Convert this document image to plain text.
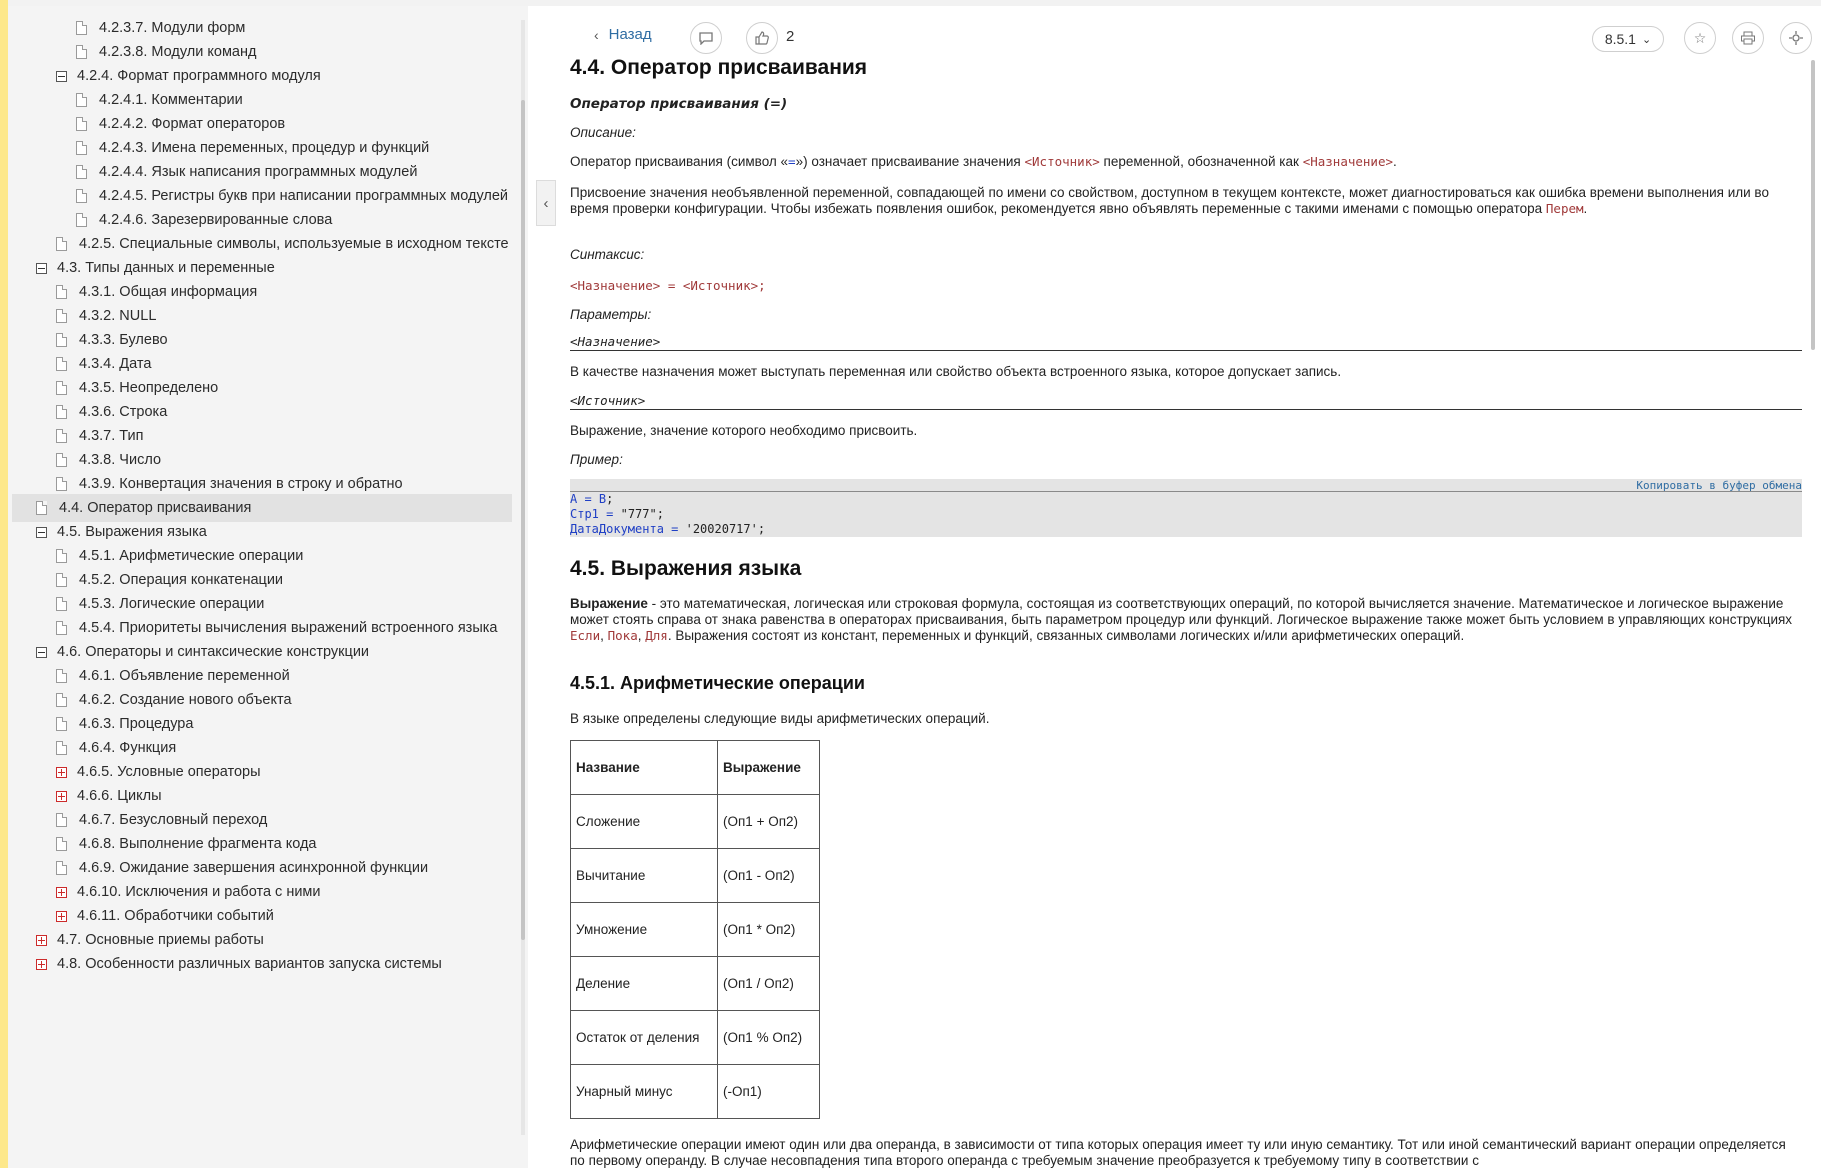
4.2.3.7. Модули форм
4.2.3.8. Модули команд
4.2.4. Формат программного модуля
4.2.4.1. Комментарии
4.2.4.2. Формат операторов
4.2.4.3. Имена переменных, процедур и функций
4.2.4.4. Язык написания программных модулей
4.2.4.5. Регистры букв при написании программных модулей
4.2.4.6. Зарезервированные слова
4.2.5. Специальные символы, используемые в исходном тексте
4.3. Типы данных и переменные
4.3.1. Общая информация
4.3.2. NULL
4.3.3. Булево
4.3.4. Дата
4.3.5. Неопределено
4.3.6. Строка
4.3.7. Тип
4.3.8. Число
4.3.9. Конвертация значения в строку и обратно
4.4. Оператор присваивания
4.5. Выражения языка
4.5.1. Арифметические операции
4.5.2. Операция конкатенации
4.5.3. Логические операции
4.5.4. Приоритеты вычисления выражений встроенного языка
4.6. Операторы и синтаксические конструкции
4.6.1. Объявление переменной
4.6.2. Создание нового объекта
4.6.3. Процедура
4.6.4. Функция
4.6.5. Условные операторы
4.6.6. Циклы
4.6.7. Безусловный переход
4.6.8. Выполнение фрагмента кода
4.6.9. Ожидание завершения асинхронной функции
4.6.10. Исключения и работа с ними
4.6.11. Обработчики событий
4.7. Основные приемы работы
4.8. Особенности различных вариантов запуска системы
‹
‹ Назад	2	8.5.1 ⌄	☆
4.4. Оператор присваивания
Оператор присваивания (=)
Описание:
Оператор присваивания (символ «=») означает присваивание значения <Источник> переменной, обозначенной как <Назначение>.
Присвоение значения необъявленной переменной, совпадающей по имени со свойством, доступном в текущем контексте, может диагностироваться как ошибка времени выполнения или во время проверки конфигурации. Чтобы избежать появления ошибок, рекомендуется явно объявлять переменные с такими именами с помощью оператора Перем.
Синтаксис:
<Назначение> = <Источник>;
Параметры:
<Назначение>
В качестве назначения может выступать переменная или свойство объекта встроенного языка, которое допускает запись.
<Источник>
Выражение, значение которого необходимо присвоить.
Пример:
Копировать в буфер обмена
А = В;
Стр1 = "777";
ДатаДокумента = '20020717';
4.5. Выражения языка
Выражение - это математическая, логическая или строковая формула, состоящая из соответствующих операций, по которой вычисляется значение. Математическое и логическое выражение может стоять справа от знака равенства в операторах присваивания, быть параметром процедур или функций. Логическое выражение также может быть условием в управляющих конструкциях Если, Пока, Для. Выражения состоят из констант, переменных и функций, связанных символами логических и/или арифметических операций.
4.5.1. Арифметические операции
В языке определены следующие виды арифметических операций.
Название	Выражение
Сложение	(Оп1 + Оп2)
Вычитание	(Оп1 - Оп2)
Умножение	(Оп1 * Оп2)
Деление	(Оп1 / Оп2)
Остаток от деления	(Оп1 % Оп2)
Унарный минус	(-Оп1)
Арифметические операции имеют один или два операнда, в зависимости от типа которых операция имеет ту или иную семантику. Тот или иной семантический вариант операции определяется по первому операнду. В случае несовпадения типа второго операнда с требуемым значение преобразуется к требуемому типу в соответствии с
